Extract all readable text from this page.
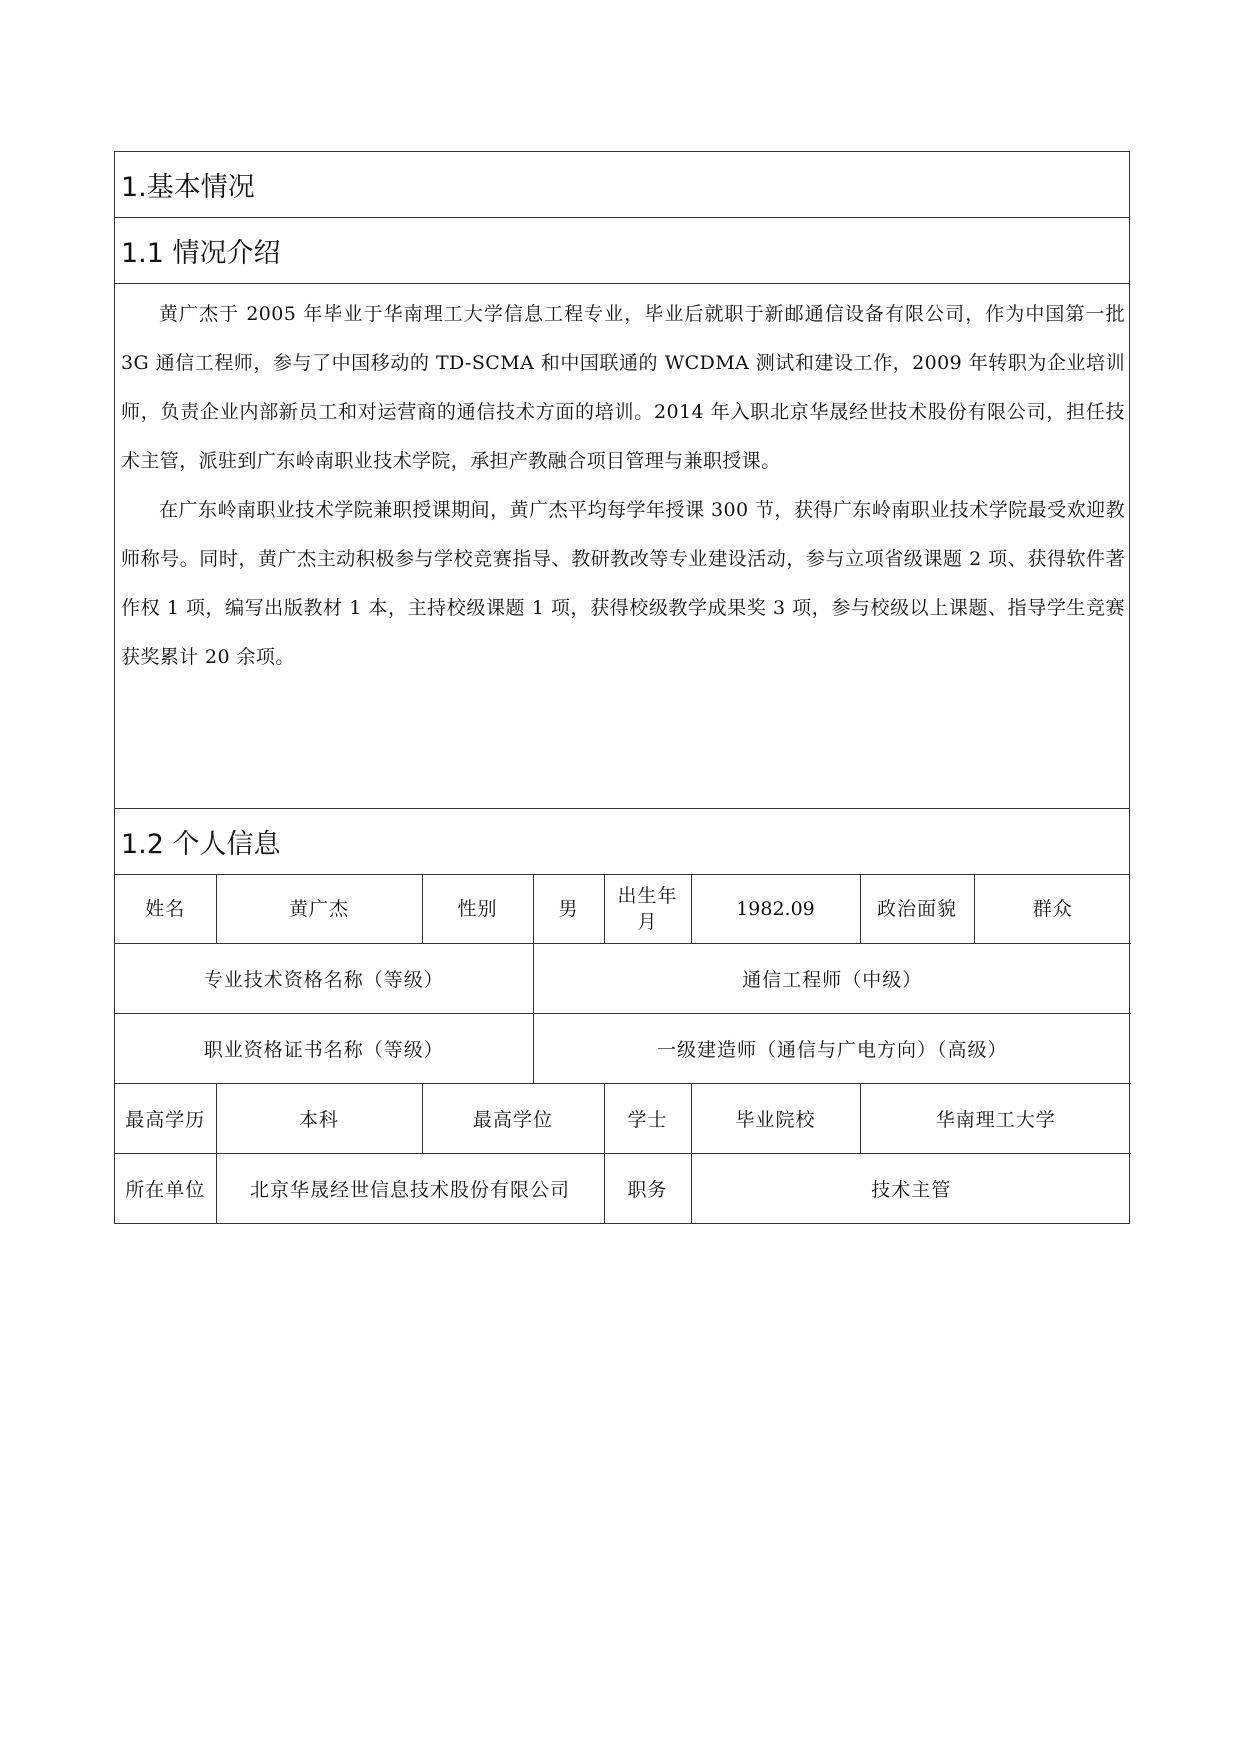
1.基本情况
1.1 情况介绍

黄广杰于 2005 年毕业于华南理工大学信息工程专业，毕业后就职于新邮通信设备有限公司，作为中国第一批 3G 通信工程师，参与了中国移动的 TD-SCMA 和中国联通的 WCDMA 测试和建设工作，2009 年转职为企业培训师，负责企业内部新员工和对运营商的通信技术方面的培训。2014 年入职北京华晟经世技术股份有限公司，担任技术主管，派驻到广东岭南职业技术学院，承担产教融合项目管理与兼职授课。

在广东岭南职业技术学院兼职授课期间，黄广杰平均每学年授课 300 节，获得广东岭南职业技术学院最受欢迎教师称号。同时，黄广杰主动积极参与学校竞赛指导、教研教改等专业建设活动，参与立项省级课题 2 项、获得软件著作权 1 项，编写出版教材 1 本，主持校级课题 1 项，获得校级教学成果奖 3 项，参与校级以上课题、指导学生竞赛获奖累计 20 余项。

1.2 个人信息
姓名	黄广杰	性别	男	出生年月	1982.09	政治面貌	群众
专业技术资格名称（等级）			通信工程师（中级）				
职业资格证书名称（等级）			一级建造师（通信与广电方向）（高级）				
最高学历	本科	最高学位		学士	毕业院校	华南理工大学	
所在单位	北京华晟经世信息技术股份有限公司			职务	技术主管		
